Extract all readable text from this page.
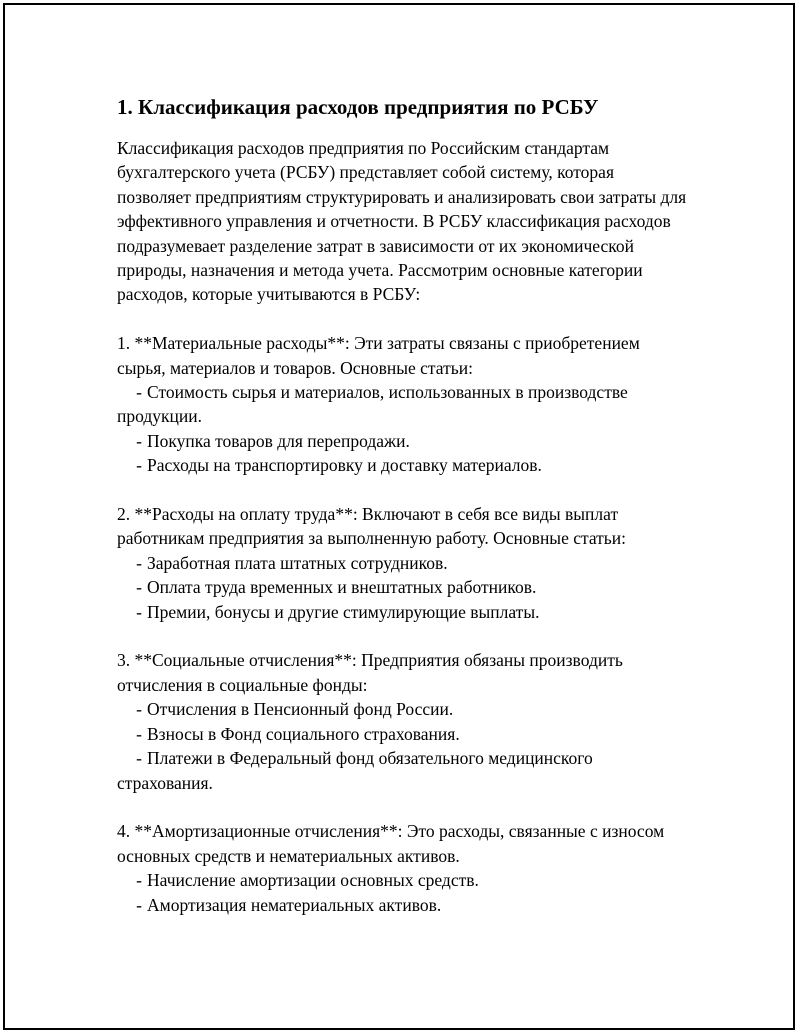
1. Классификация расходов предприятия по РСБУ

Классификация расходов предприятия по Российским стандартам бухгалтерского учета (РСБУ) представляет собой систему, которая позволяет предприятиям структурировать и анализировать свои затраты для эффективного управления и отчетности. В РСБУ классификация расходов подразумевает разделение затрат в зависимости от их экономической природы, назначения и метода учета. Рассмотрим основные категории расходов, которые учитываются в РСБУ:

1. **Материальные расходы**: Эти затраты связаны с приобретением сырья, материалов и товаров. Основные статьи:

- Стоимость сырья и материалов, использованных в производстве продукции.

- Покупка товаров для перепродажи.

- Расходы на транспортировку и доставку материалов.

2. **Расходы на оплату труда**: Включают в себя все виды выплат работникам предприятия за выполненную работу. Основные статьи:

- Заработная плата штатных сотрудников.

- Оплата труда временных и внештатных работников.

- Премии, бонусы и другие стимулирующие выплаты.

3. **Социальные отчисления**: Предприятия обязаны производить отчисления в социальные фонды:

- Отчисления в Пенсионный фонд России.

- Взносы в Фонд социального страхования.

- Платежи в Федеральный фонд обязательного медицинского страхования.

4. **Амортизационные отчисления**: Это расходы, связанные с износом основных средств и нематериальных активов.

- Начисление амортизации основных средств.

- Амортизация нематериальных активов.
